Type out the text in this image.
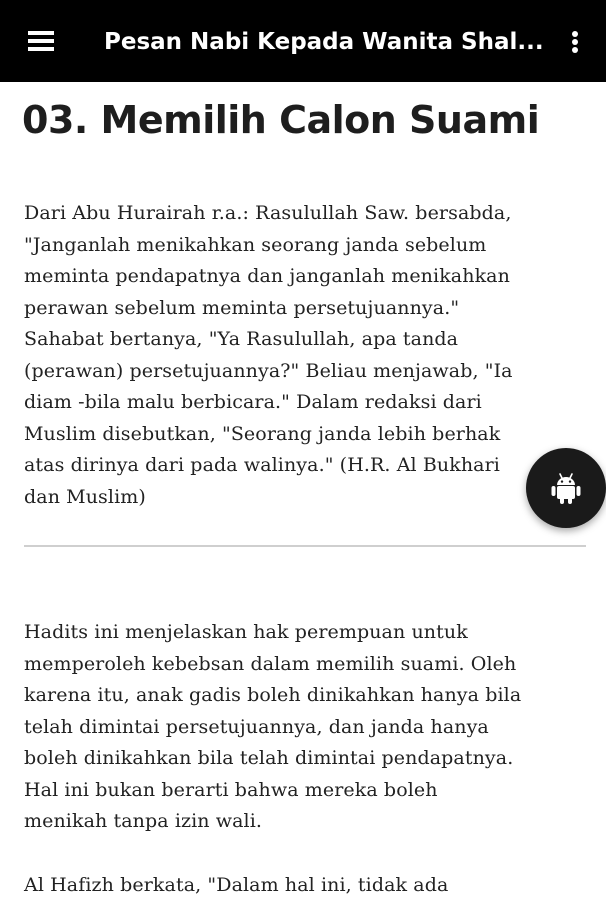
Pesan Nabi Kepada Wanita Shal...
03. Memilih Calon Suami

Dari Abu Hurairah r.a.: Rasulullah Saw. bersabda,
"Janganlah menikahkan seorang janda sebelum
meminta pendapatnya dan janganlah menikahkan
perawan sebelum meminta persetujuannya."
Sahabat bertanya, "Ya Rasulullah, apa tanda
(perawan) persetujuannya?" Beliau menjawab, "Ia
diam -bila malu berbicara." Dalam redaksi dari
Muslim disebutkan, "Seorang janda lebih berhak
atas dirinya dari pada walinya." (H.R. Al Bukhari
dan Muslim)

Hadits ini menjelaskan hak perempuan untuk
memperoleh kebebsan dalam memilih suami. Oleh
karena itu, anak gadis boleh dinikahkan hanya bila
telah dimintai persetujuannya, dan janda hanya
boleh dinikahkan bila telah dimintai pendapatnya.
Hal ini bukan berarti bahwa mereka boleh
menikah tanpa izin wali.

Al Hafizh berkata, "Dalam hal ini, tidak ada
